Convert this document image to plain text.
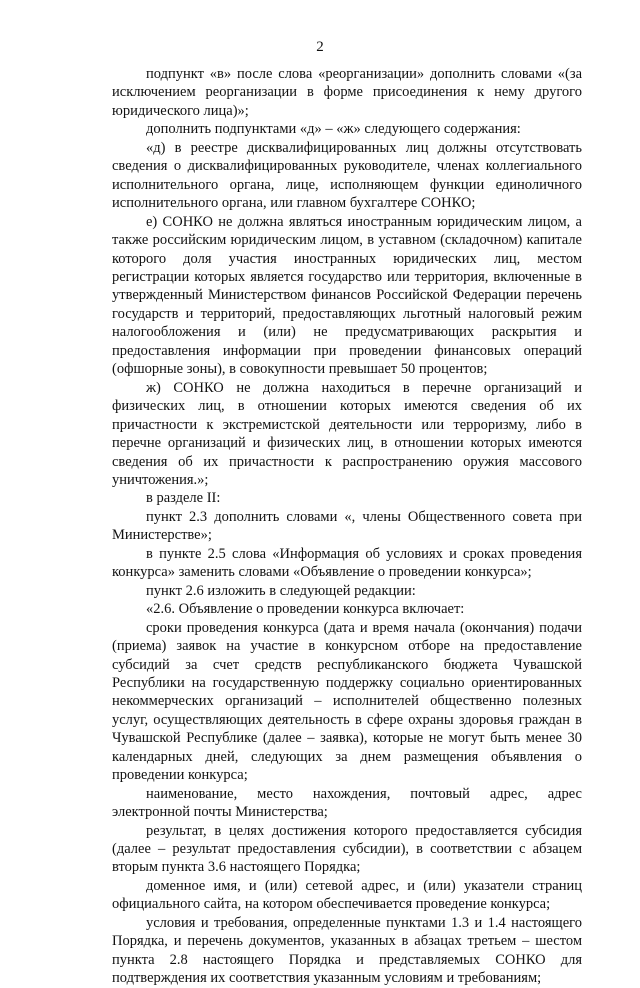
2

подпункт «в» после слова «реорганизации» дополнить словами «(за исключением реорганизации в форме присоединения к нему другого юридического лица)»;

дополнить подпунктами «д» – «ж» следующего содержания:

«д) в реестре дисквалифицированных лиц должны отсутствовать сведения о дисквалифицированных руководителе, членах коллегиального исполнительного органа, лице, исполняющем функции единоличного исполнительного органа, или главном бухгалтере СОНКО;

е) СОНКО не должна являться иностранным юридическим лицом, а также российским юридическим лицом, в уставном (складочном) капитале которого доля участия иностранных юридических лиц, местом регистрации которых является государство или территория, включенные в утвержденный Министерством финансов Российской Федерации перечень государств и территорий, предоставляющих льготный налоговый режим налогообложения и (или) не предусматривающих раскрытия и предоставления информации при проведении финансовых операций (офшорные зоны), в совокупности превышает 50 процентов;

ж) СОНКО не должна находиться в перечне организаций и физических лиц, в отношении которых имеются сведения об их причастности к экстремистской деятельности или терроризму, либо в перечне организаций и физических лиц, в отношении которых имеются сведения об их причастности к распространению оружия массового уничтожения.»;

в разделе II:

пункт 2.3 дополнить словами «, члены Общественного совета при Министерстве»;

в пункте 2.5 слова «Информация об условиях и сроках проведения конкурса» заменить словами «Объявление о проведении конкурса»;

пункт 2.6 изложить в следующей редакции:

«2.6. Объявление о проведении конкурса включает:

сроки проведения конкурса (дата и время начала (окончания) подачи (приема) заявок на участие в конкурсном отборе на предоставление субсидий за счет средств республиканского бюджета Чувашской Республики на государственную поддержку социально ориентированных некоммерческих организаций – исполнителей общественно полезных услуг, осуществляющих деятельность в сфере охраны здоровья граждан в Чувашской Республике (далее – заявка), которые не могут быть менее 30 календарных дней, следующих за днем размещения объявления о проведении конкурса;

наименование, место нахождения, почтовый адрес, адрес электронной почты Министерства;

результат, в целях достижения которого предоставляется субсидия (далее – результат предоставления субсидии), в соответствии с абзацем вторым пункта 3.6 настоящего Порядка;

доменное имя, и (или) сетевой адрес, и (или) указатели страниц официального сайта, на котором обеспечивается проведение конкурса;

условия и требования, определенные пунктами 1.3 и 1.4 настоящего Порядка, и перечень документов, указанных в абзацах третьем – шестом пункта 2.8 настоящего Порядка и представляемых СОНКО для подтверждения их соответствия указанным условиям и требованиям;
